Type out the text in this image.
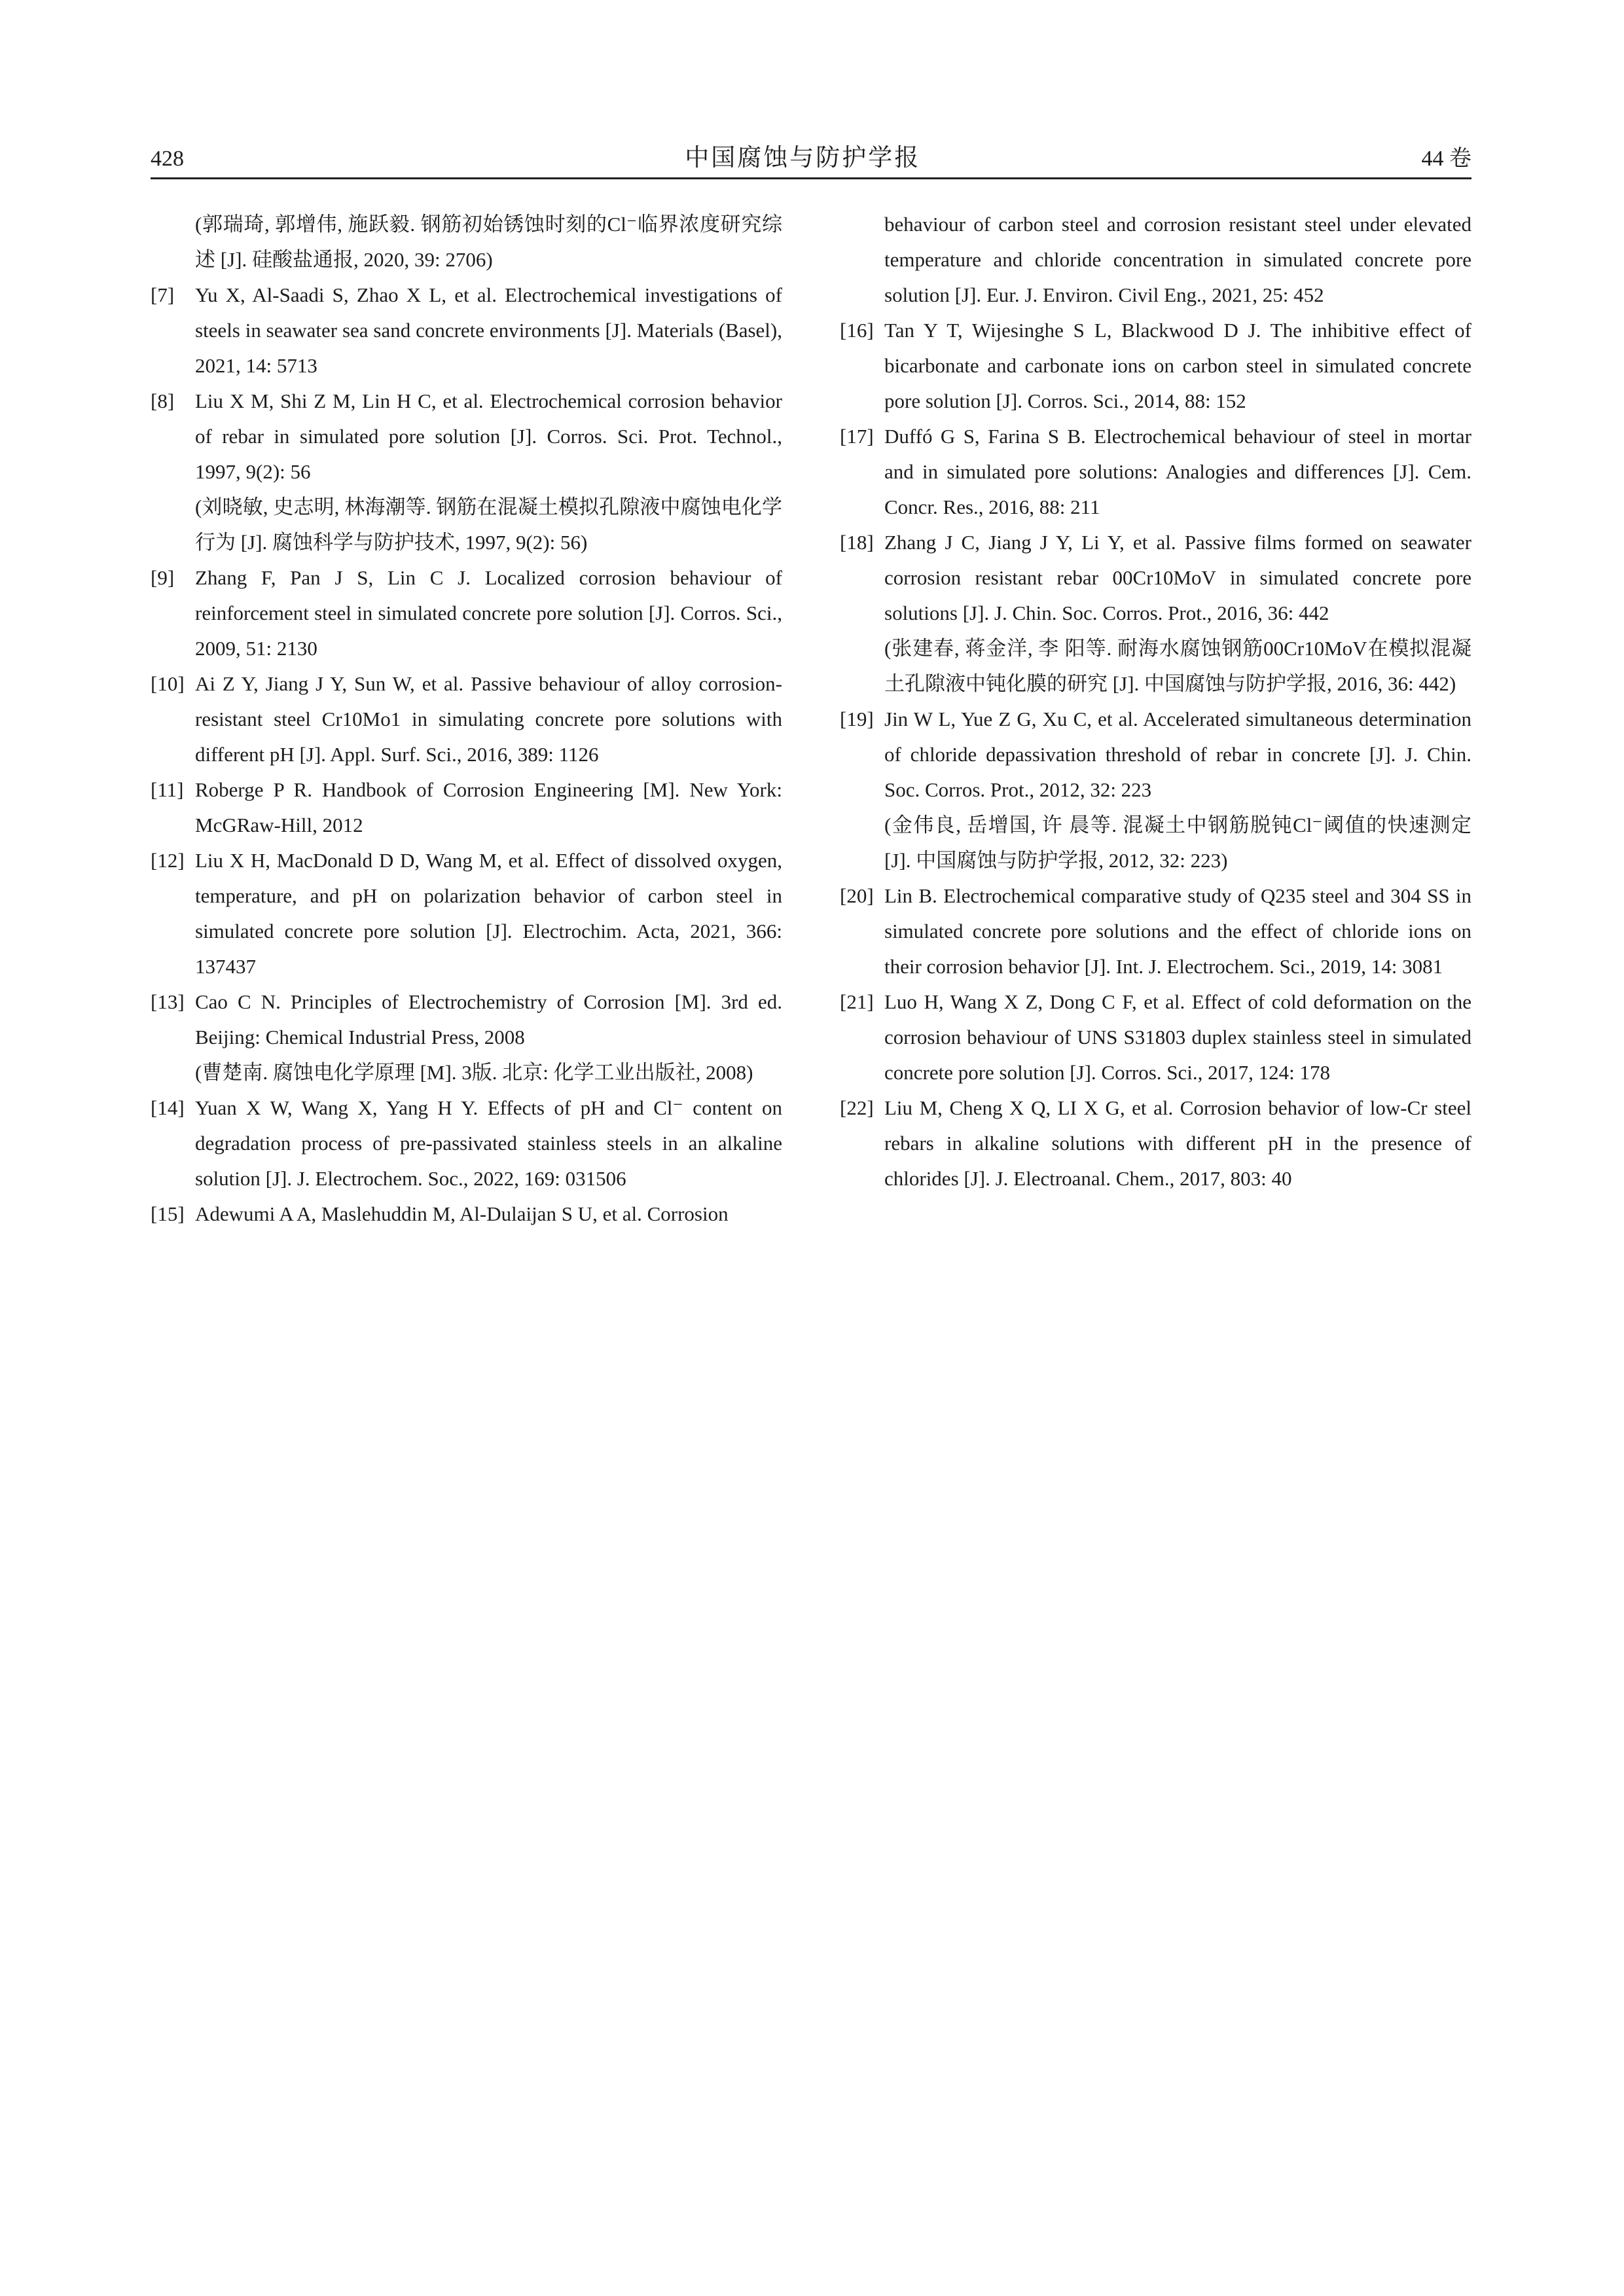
428	中国腐蚀与防护学报	44 卷
(郭瑞琦, 郭增伟, 施跃毅. 钢筋初始锈蚀时刻的Cl⁻临界浓度研究综述 [J]. 硅酸盐通报, 2020, 39: 2706)
[7]	Yu X, Al-Saadi S, Zhao X L, et al. Electrochemical investigations of steels in seawater sea sand concrete environments [J]. Materials (Basel), 2021, 14: 5713
[8]	Liu X M, Shi Z M, Lin H C, et al. Electrochemical corrosion behavior of rebar in simulated pore solution [J]. Corros. Sci. Prot. Technol., 1997, 9(2): 56
(刘晓敏, 史志明, 林海潮等. 钢筋在混凝土模拟孔隙液中腐蚀电化学行为 [J]. 腐蚀科学与防护技术, 1997, 9(2): 56)
[9]	Zhang F, Pan J S, Lin C J. Localized corrosion behaviour of reinforcement steel in simulated concrete pore solution [J]. Corros. Sci., 2009, 51: 2130
[10] Ai Z Y, Jiang J Y, Sun W, et al. Passive behaviour of alloy corrosion-resistant steel Cr10Mo1 in simulating concrete pore solutions with different pH [J]. Appl. Surf. Sci., 2016, 389: 1126
[11] Roberge P R. Handbook of Corrosion Engineering [M]. New York: McGRaw-Hill, 2012
[12] Liu X H, MacDonald D D, Wang M, et al. Effect of dissolved oxygen, temperature, and pH on polarization behavior of carbon steel in simulated concrete pore solution [J]. Electrochim. Acta, 2021, 366: 137437
[13] Cao C N. Principles of Electrochemistry of Corrosion [M]. 3rd ed. Beijing: Chemical Industrial Press, 2008
(曹楚南. 腐蚀电化学原理 [M]. 3版. 北京: 化学工业出版社, 2008)
[14] Yuan X W, Wang X, Yang H Y. Effects of pH and Cl⁻ content on degradation process of pre-passivated stainless steels in an alkaline solution [J]. J. Electrochem. Soc., 2022, 169: 031506
[15] Adewumi A A, Maslehuddin M, Al-Dulaijan S U, et al. Corrosion
behaviour of carbon steel and corrosion resistant steel under elevated temperature and chloride concentration in simulated concrete pore solution [J]. Eur. J. Environ. Civil Eng., 2021, 25: 452
[16] Tan Y T, Wijesinghe S L, Blackwood D J. The inhibitive effect of bicarbonate and carbonate ions on carbon steel in simulated concrete pore solution [J]. Corros. Sci., 2014, 88: 152
[17] Duffó G S, Farina S B. Electrochemical behaviour of steel in mortar and in simulated pore solutions: Analogies and differences [J]. Cem. Concr. Res., 2016, 88: 211
[18] Zhang J C, Jiang J Y, Li Y, et al. Passive films formed on seawater corrosion resistant rebar 00Cr10MoV in simulated concrete pore solutions [J]. J. Chin. Soc. Corros. Prot., 2016, 36: 442
(张建春, 蒋金洋, 李 阳等. 耐海水腐蚀钢筋00Cr10MoV在模拟混凝土孔隙液中钝化膜的研究 [J]. 中国腐蚀与防护学报, 2016, 36: 442)
[19] Jin W L, Yue Z G, Xu C, et al. Accelerated simultaneous determination of chloride depassivation threshold of rebar in concrete [J]. J. Chin. Soc. Corros. Prot., 2012, 32: 223
(金伟良, 岳增国, 许 晨等. 混凝土中钢筋脱钝Cl⁻阈值的快速测定 [J]. 中国腐蚀与防护学报, 2012, 32: 223)
[20] Lin B. Electrochemical comparative study of Q235 steel and 304 SS in simulated concrete pore solutions and the effect of chloride ions on their corrosion behavior [J]. Int. J. Electrochem. Sci., 2019, 14: 3081
[21] Luo H, Wang X Z, Dong C F, et al. Effect of cold deformation on the corrosion behaviour of UNS S31803 duplex stainless steel in simulated concrete pore solution [J]. Corros. Sci., 2017, 124: 178
[22] Liu M, Cheng X Q, LI X G, et al. Corrosion behavior of low-Cr steel rebars in alkaline solutions with different pH in the presence of chlorides [J]. J. Electroanal. Chem., 2017, 803: 40
